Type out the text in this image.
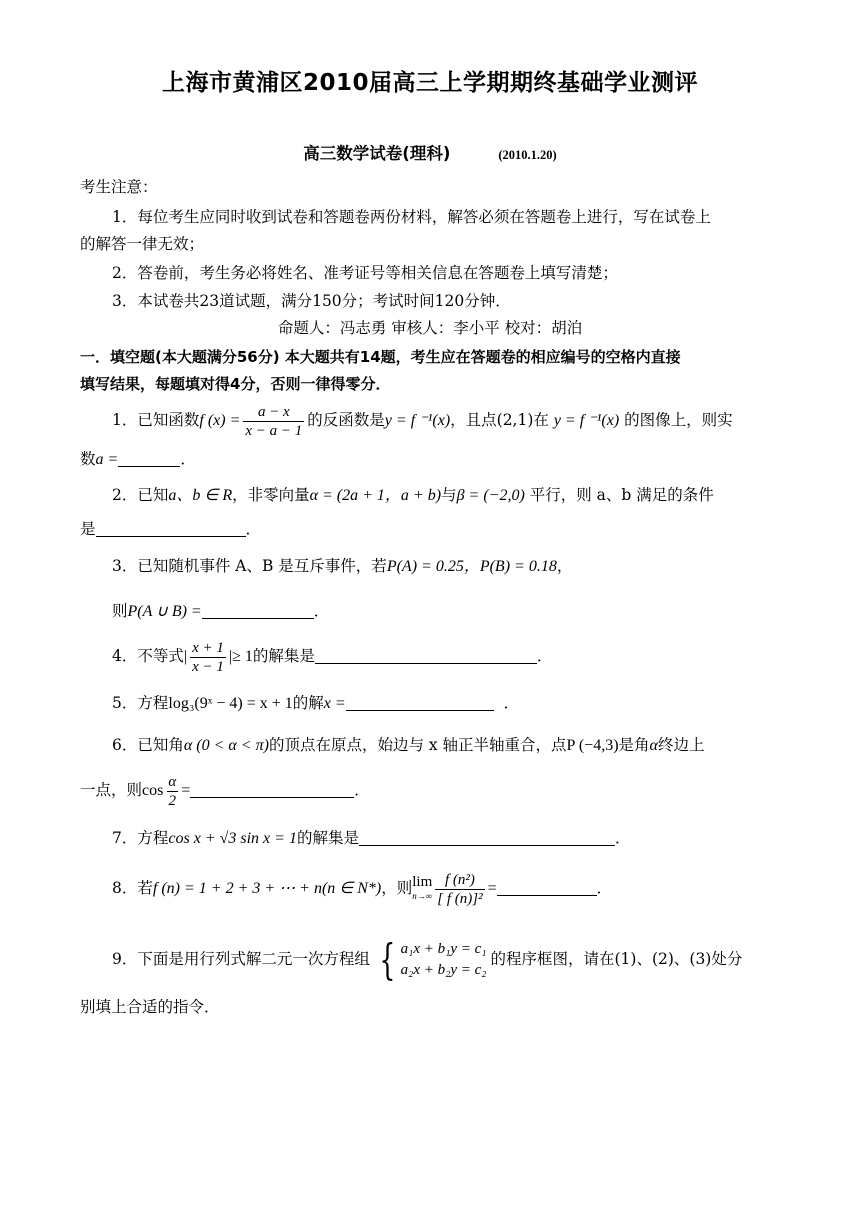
上海市黄浦区2010届高三上学期期终基础学业测评
高三数学试卷(理科)	(2010.1.20)
考生注意：
1．每位考生应同时收到试卷和答题卷两份材料，解答必须在答题卷上进行，写在试卷上
的解答一律无效；
2．答卷前，考生务必将姓名、准考证号等相关信息在答题卷上填写清楚；
3．本试卷共23道试题，满分150分；考试时间120分钟．
命题人：冯志勇 审核人：李小平 校对：胡泊
一．填空题(本大题满分56分) 本大题共有14题，考生应在答题卷的相应编号的空格内直接
填写结果，每题填对得4分，否则一律得零分．
1．已知函数f $(x) = \frac{a - x}{x - a - 1}$ 的反函数是y = f ⁻¹(x)，且点(2,1)在 y = f ⁻¹(x) 的图像上，则实
数a =	．
2．已知a、b ∈ R，非零向量α = (2a + 1，a + b)与β = (−2,0) 平行，则 a、b 满足的条件
是	．
3．已知随机事件 A、B 是互斥事件，若P(A) = 0.25，P(B) = 0.18，
则P(A ∪ B) =	．
4．不等式| $\frac{x + 1}{x - 1}$ |≥ 1的解集是	．
5．方程log₃(9ˣ − 4) = x + 1的解x =	．
6．已知角α (0 < α < π)的顶点在原点，始边与 x 轴正半轴重合，点P (−4,3)是角α终边上
一点，则$\cos \frac{\alpha}{2}$ =	．
7．方程cos x + √3 sin x = 1的解集是	．
8．若f (n) = 1 + 2 + 3 + ⋯ + n(n ∈ N*)，则 lim
$n\to\infty \frac{\text{f (n²)}}{\text{[ f (n)]²}}$ =	．
9．下面是用行列式解二元一次方程组 { a₁x + b₁y = c₁
a₂x + b₂y = c₂
的程序框图，请在(1)、(2)、(3)处分
别填上合适的指令．
